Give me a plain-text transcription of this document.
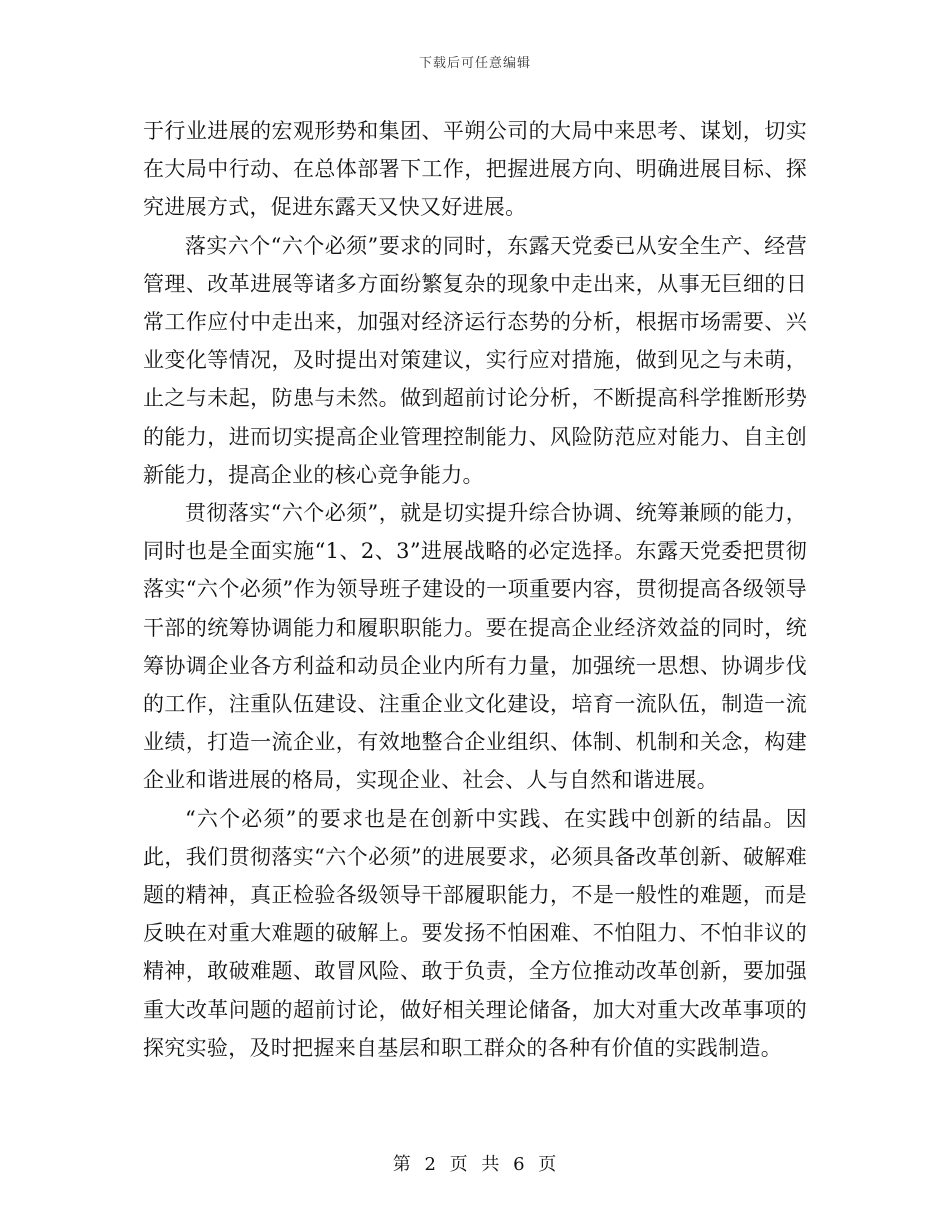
下载后可任意编辑

于行业进展的宏观形势和集团、平朔公司的大局中来思考、谋划，切实在大局中行动、在总体部署下工作，把握进展方向、明确进展目标、探究进展方式，促进东露天又快又好进展。

落实六个“六个必须”要求的同时，东露天党委已从安全生产、经营管理、改革进展等诸多方面纷繁复杂的现象中走出来，从事无巨细的日常工作应付中走出来，加强对经济运行态势的分析，根据市场需要、兴业变化等情况，及时提出对策建议，实行应对措施，做到见之与未萌，止之与未起，防患与未然。做到超前讨论分析，不断提高科学推断形势的能力，进而切实提高企业管理控制能力、风险防范应对能力、自主创新能力，提高企业的核心竞争能力。

贯彻落实“六个必须”，就是切实提升综合协调、统筹兼顾的能力，同时也是全面实施“1、2、3”进展战略的必定选择。东露天党委把贯彻落实“六个必须”作为领导班子建设的一项重要内容，贯彻提高各级领导干部的统筹协调能力和履职职能力。要在提高企业经济效益的同时，统筹协调企业各方利益和动员企业内所有力量，加强统一思想、协调步伐的工作，注重队伍建设、注重企业文化建设，培育一流队伍，制造一流业绩，打造一流企业，有效地整合企业组织、体制、机制和关念，构建企业和谐进展的格局，实现企业、社会、人与自然和谐进展。

“六个必须”的要求也是在创新中实践、在实践中创新的结晶。因此，我们贯彻落实“六个必须”的进展要求，必须具备改革创新、破解难题的精神，真正检验各级领导干部履职能力，不是一般性的难题，而是反映在对重大难题的破解上。要发扬不怕困难、不怕阻力、不怕非议的精神，敢破难题、敢冒风险、敢于负责，全方位推动改革创新，要加强重大改革问题的超前讨论，做好相关理论储备，加大对重大改革事项的探究实验，及时把握来自基层和职工群众的各种有价值的实践制造。

第 2 页 共 6 页
